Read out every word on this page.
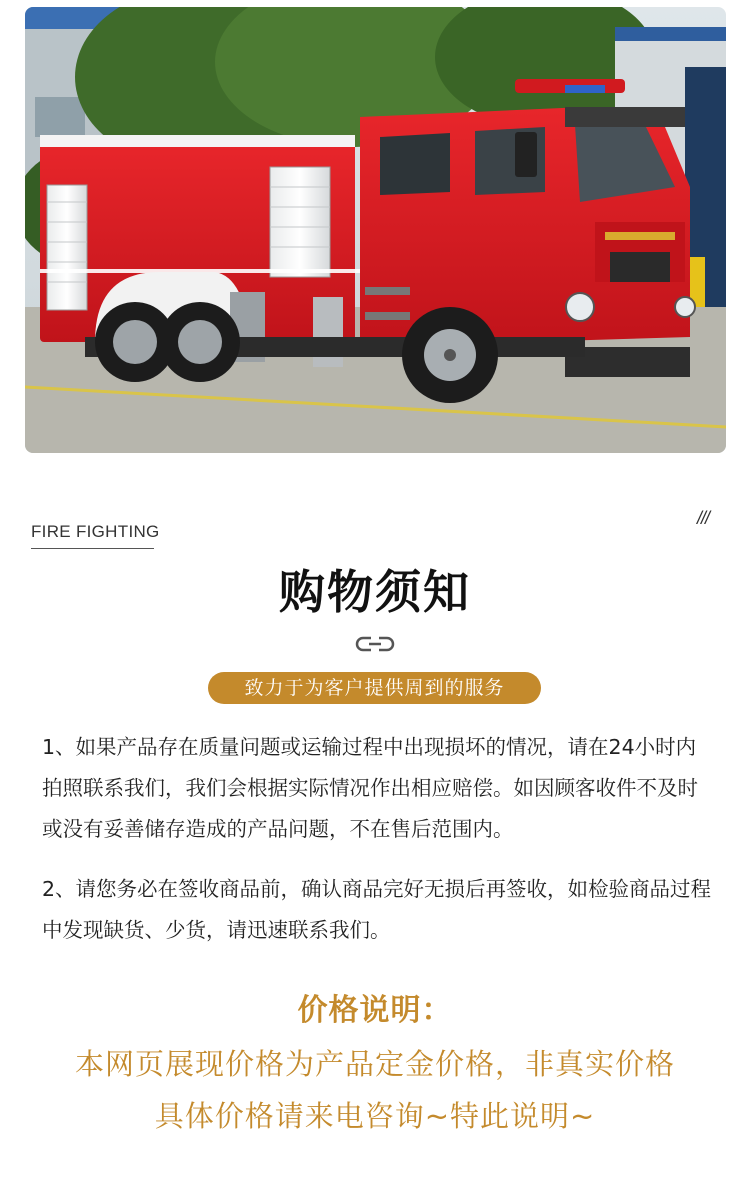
FIRE FIGHTING
///
购物须知
致力于为客户提供周到的服务
1、如果产品存在质量问题或运输过程中出现损坏的情况，请在24小时内拍照联系我们，我们会根据实际情况作出相应赔偿。如因顾客收件不及时或没有妥善储存造成的产品问题，不在售后范围内。
2、请您务必在签收商品前，确认商品完好无损后再签收，如检验商品过程中发现缺货、少货，请迅速联系我们。
价格说明：
本网页展现价格为产品定金价格，非真实价格
具体价格请来电咨询~特此说明~
